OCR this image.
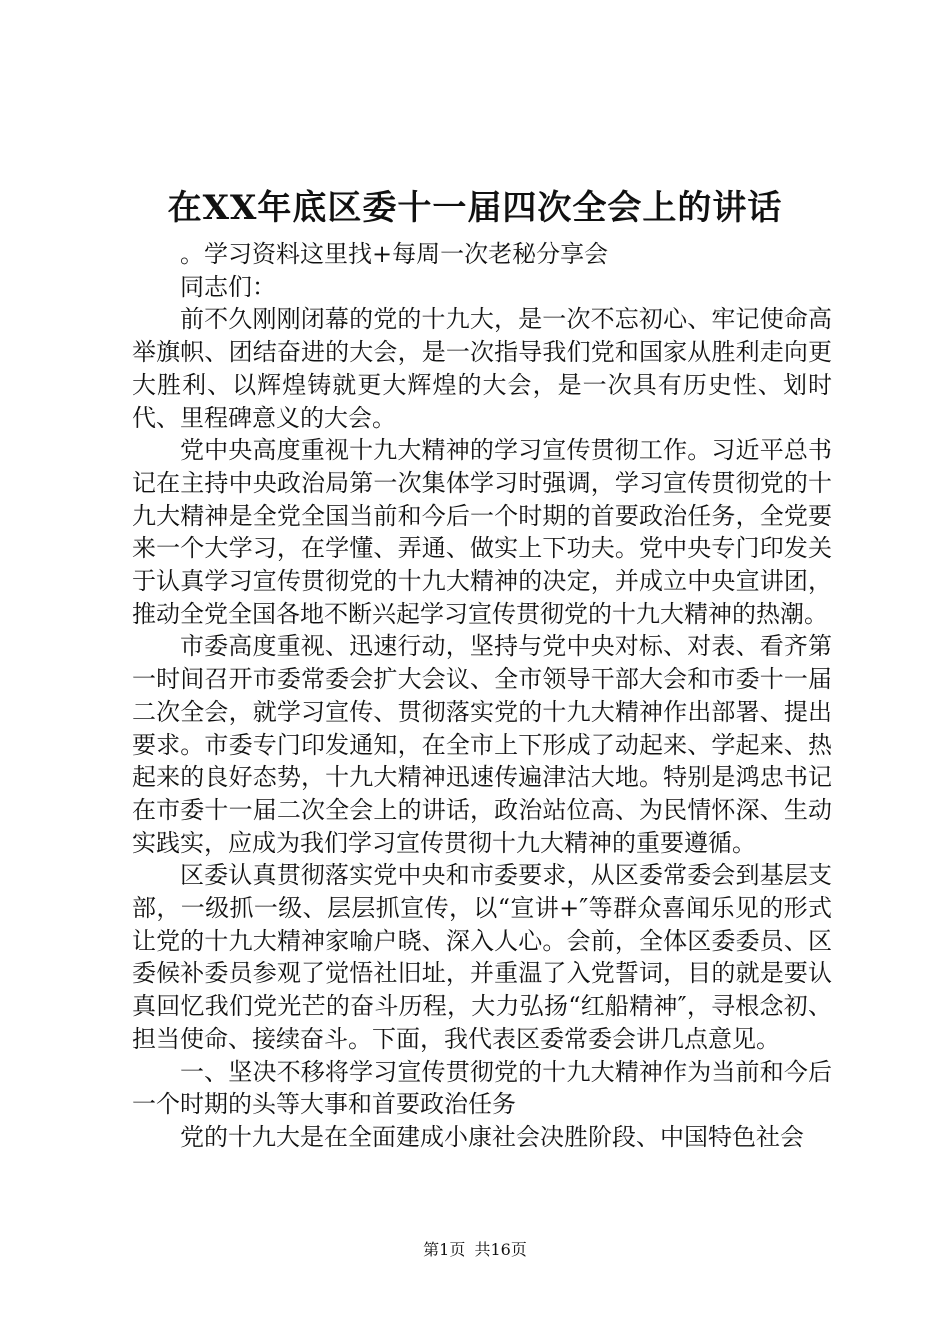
在XX年底区委十一届四次全会上的讲话

。学习资料这里找+每周一次老秘分享会

同志们：

前不久刚刚闭幕的党的十九大，是一次不忘初心、牢记使命高举旗帜、团结奋进的大会，是一次指导我们党和国家从胜利走向更大胜利、以辉煌铸就更大辉煌的大会，是一次具有历史性、划时代、里程碑意义的大会。

党中央高度重视十九大精神的学习宣传贯彻工作。习近平总书记在主持中央政治局第一次集体学习时强调，学习宣传贯彻党的十九大精神是全党全国当前和今后一个时期的首要政治任务，全党要来一个大学习，在学懂、弄通、做实上下功夫。党中央专门印发关于认真学习宣传贯彻党的十九大精神的决定，并成立中央宣讲团，推动全党全国各地不断兴起学习宣传贯彻党的十九大精神的热潮。

市委高度重视、迅速行动，坚持与党中央对标、对表、看齐第一时间召开市委常委会扩大会议、全市领导干部大会和市委十一届二次全会，就学习宣传、贯彻落实党的十九大精神作出部署、提出要求。市委专门印发通知，在全市上下形成了动起来、学起来、热起来的良好态势，十九大精神迅速传遍津沽大地。特别是鸿忠书记在市委十一届二次全会上的讲话，政治站位高、为民情怀深、生动实践实，应成为我们学习宣传贯彻十九大精神的重要遵循。

区委认真贯彻落实党中央和市委要求，从区委常委会到基层支部，一级抓一级、层层抓宣传，以“宣讲+″等群众喜闻乐见的形式让党的十九大精神家喻户晓、深入人心。会前，全体区委委员、区委候补委员参观了觉悟社旧址，并重温了入党誓词，目的就是要认真回忆我们党光芒的奋斗历程，大力弘扬“红船精神″，寻根念初、担当使命、接续奋斗。下面，我代表区委常委会讲几点意见。

一、坚决不移将学习宣传贯彻党的十九大精神作为当前和今后一个时期的头等大事和首要政治任务

党的十九大是在全面建成小康社会决胜阶段、中国特色社会

第1页 共16页
